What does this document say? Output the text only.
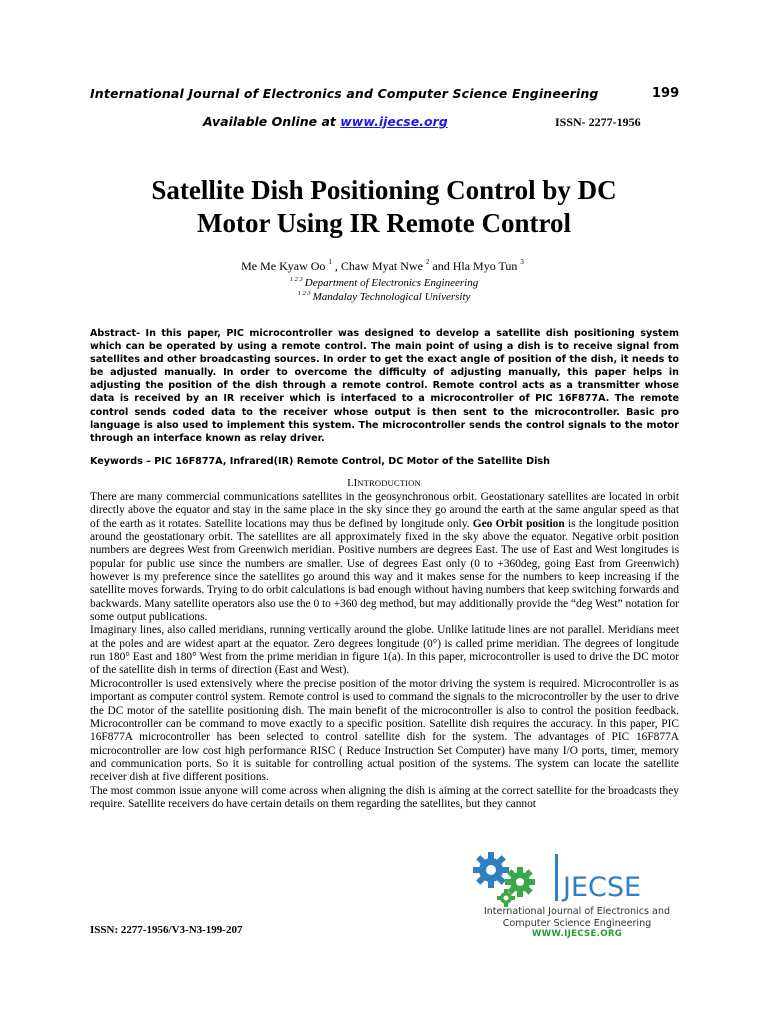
International Journal of Electronics and Computer Science Engineering	199
Available Online at www.ijecse.org	ISSN- 2277-1956
Satellite Dish Positioning Control by DC
Motor Using IR Remote Control
Me Me Kyaw Oo $^1$ , Chaw Myat Nwe $^2$ and Hla Myo Tun $^3$
$^{1 2 3}$ Department of Electronics Engineering
$^{1 2 3}$ Mandalay Technological University
Abstract- In this paper, PIC microcontroller was designed to develop a satellite dish positioning system which can be operated by using a remote control. The main point of using a dish is to receive signal from satellites and other broadcasting sources. In order to get the exact angle of position of the dish, it needs to be adjusted manually. In order to overcome the difficulty of adjusting manually, this paper helps in adjusting the position of the dish through a remote control. Remote control acts as a transmitter whose data is received by an IR receiver which is interfaced to a microcontroller of PIC 16F877A. The remote control sends coded data to the receiver whose output is then sent to the microcontroller. Basic pro language is also used to implement this system. The microcontroller sends the control signals to the motor through an interface known as relay driver.
Keywords – PIC 16F877A, Infrared(IR) Remote Control, DC Motor of the Satellite Dish
I.INTRODUCTION

There are many commercial communications satellites in the geosynchronous orbit. Geostationary satellites are located in orbit directly above the equator and stay in the same place in the sky since they go around the earth at the same angular speed as that of the earth as it rotates. Satellite locations may thus be defined by longitude only. Geo Orbit position is the longitude position around the geostationary orbit. The satellites are all approximately fixed in the sky above the equator. Negative orbit position numbers are degrees West from Greenwich meridian. Positive numbers are degrees East. The use of East and West longitudes is popular for public use since the numbers are smaller. Use of degrees East only (0 to +360deg, going East from Greenwich) however is my preference since the satellites go around this way and it makes sense for the numbers to keep increasing if the satellite moves forwards. Trying to do orbit calculations is bad enough without having numbers that keep switching forwards and backwards. Many satellite operators also use the 0 to +360 deg method, but may additionally provide the “deg West” notation for some output publications.

Imaginary lines, also called meridians, running vertically around the globe. Unlike latitude lines are not parallel. Meridians meet at the poles and are widest apart at the equator. Zero degrees longitude (0°) is called prime meridian. The degrees of longitude run 180° East and 180° West from the prime meridian in figure 1(a). In this paper, microcontroller is used to drive the DC motor of the satellite dish in terms of direction (East and West).

Microcontroller is used extensively where the precise position of the motor driving the system is required. Microcontroller is as important as computer control system. Remote control is used to command the signals to the microcontroller by the user to drive the DC motor of the satellite positioning dish. The main benefit of the microcontroller is also to control the position feedback. Microcontroller can be command to move exactly to a specific position. Satellite dish requires the accuracy. In this paper, PIC 16F877A microcontroller has been selected to control satellite dish for the system. The advantages of PIC 16F877A microcontroller are low cost high performance RISC ( Reduce Instruction Set Computer) have many I/O ports, timer, memory and communication ports. So it is suitable for controlling actual position of the systems. The system can locate the satellite receiver dish at five different positions.

The most common issue anyone will come across when aligning the dish is aiming at the correct satellite for the broadcasts they require. Satellite receivers do have certain details on them regarding the satellites, but they cannot

JECSE
International Journal of Electronics and
Computer Science Engineering
WWW.IJECSE.ORG
ISSN: 2277-1956/V3-N3-199-207
